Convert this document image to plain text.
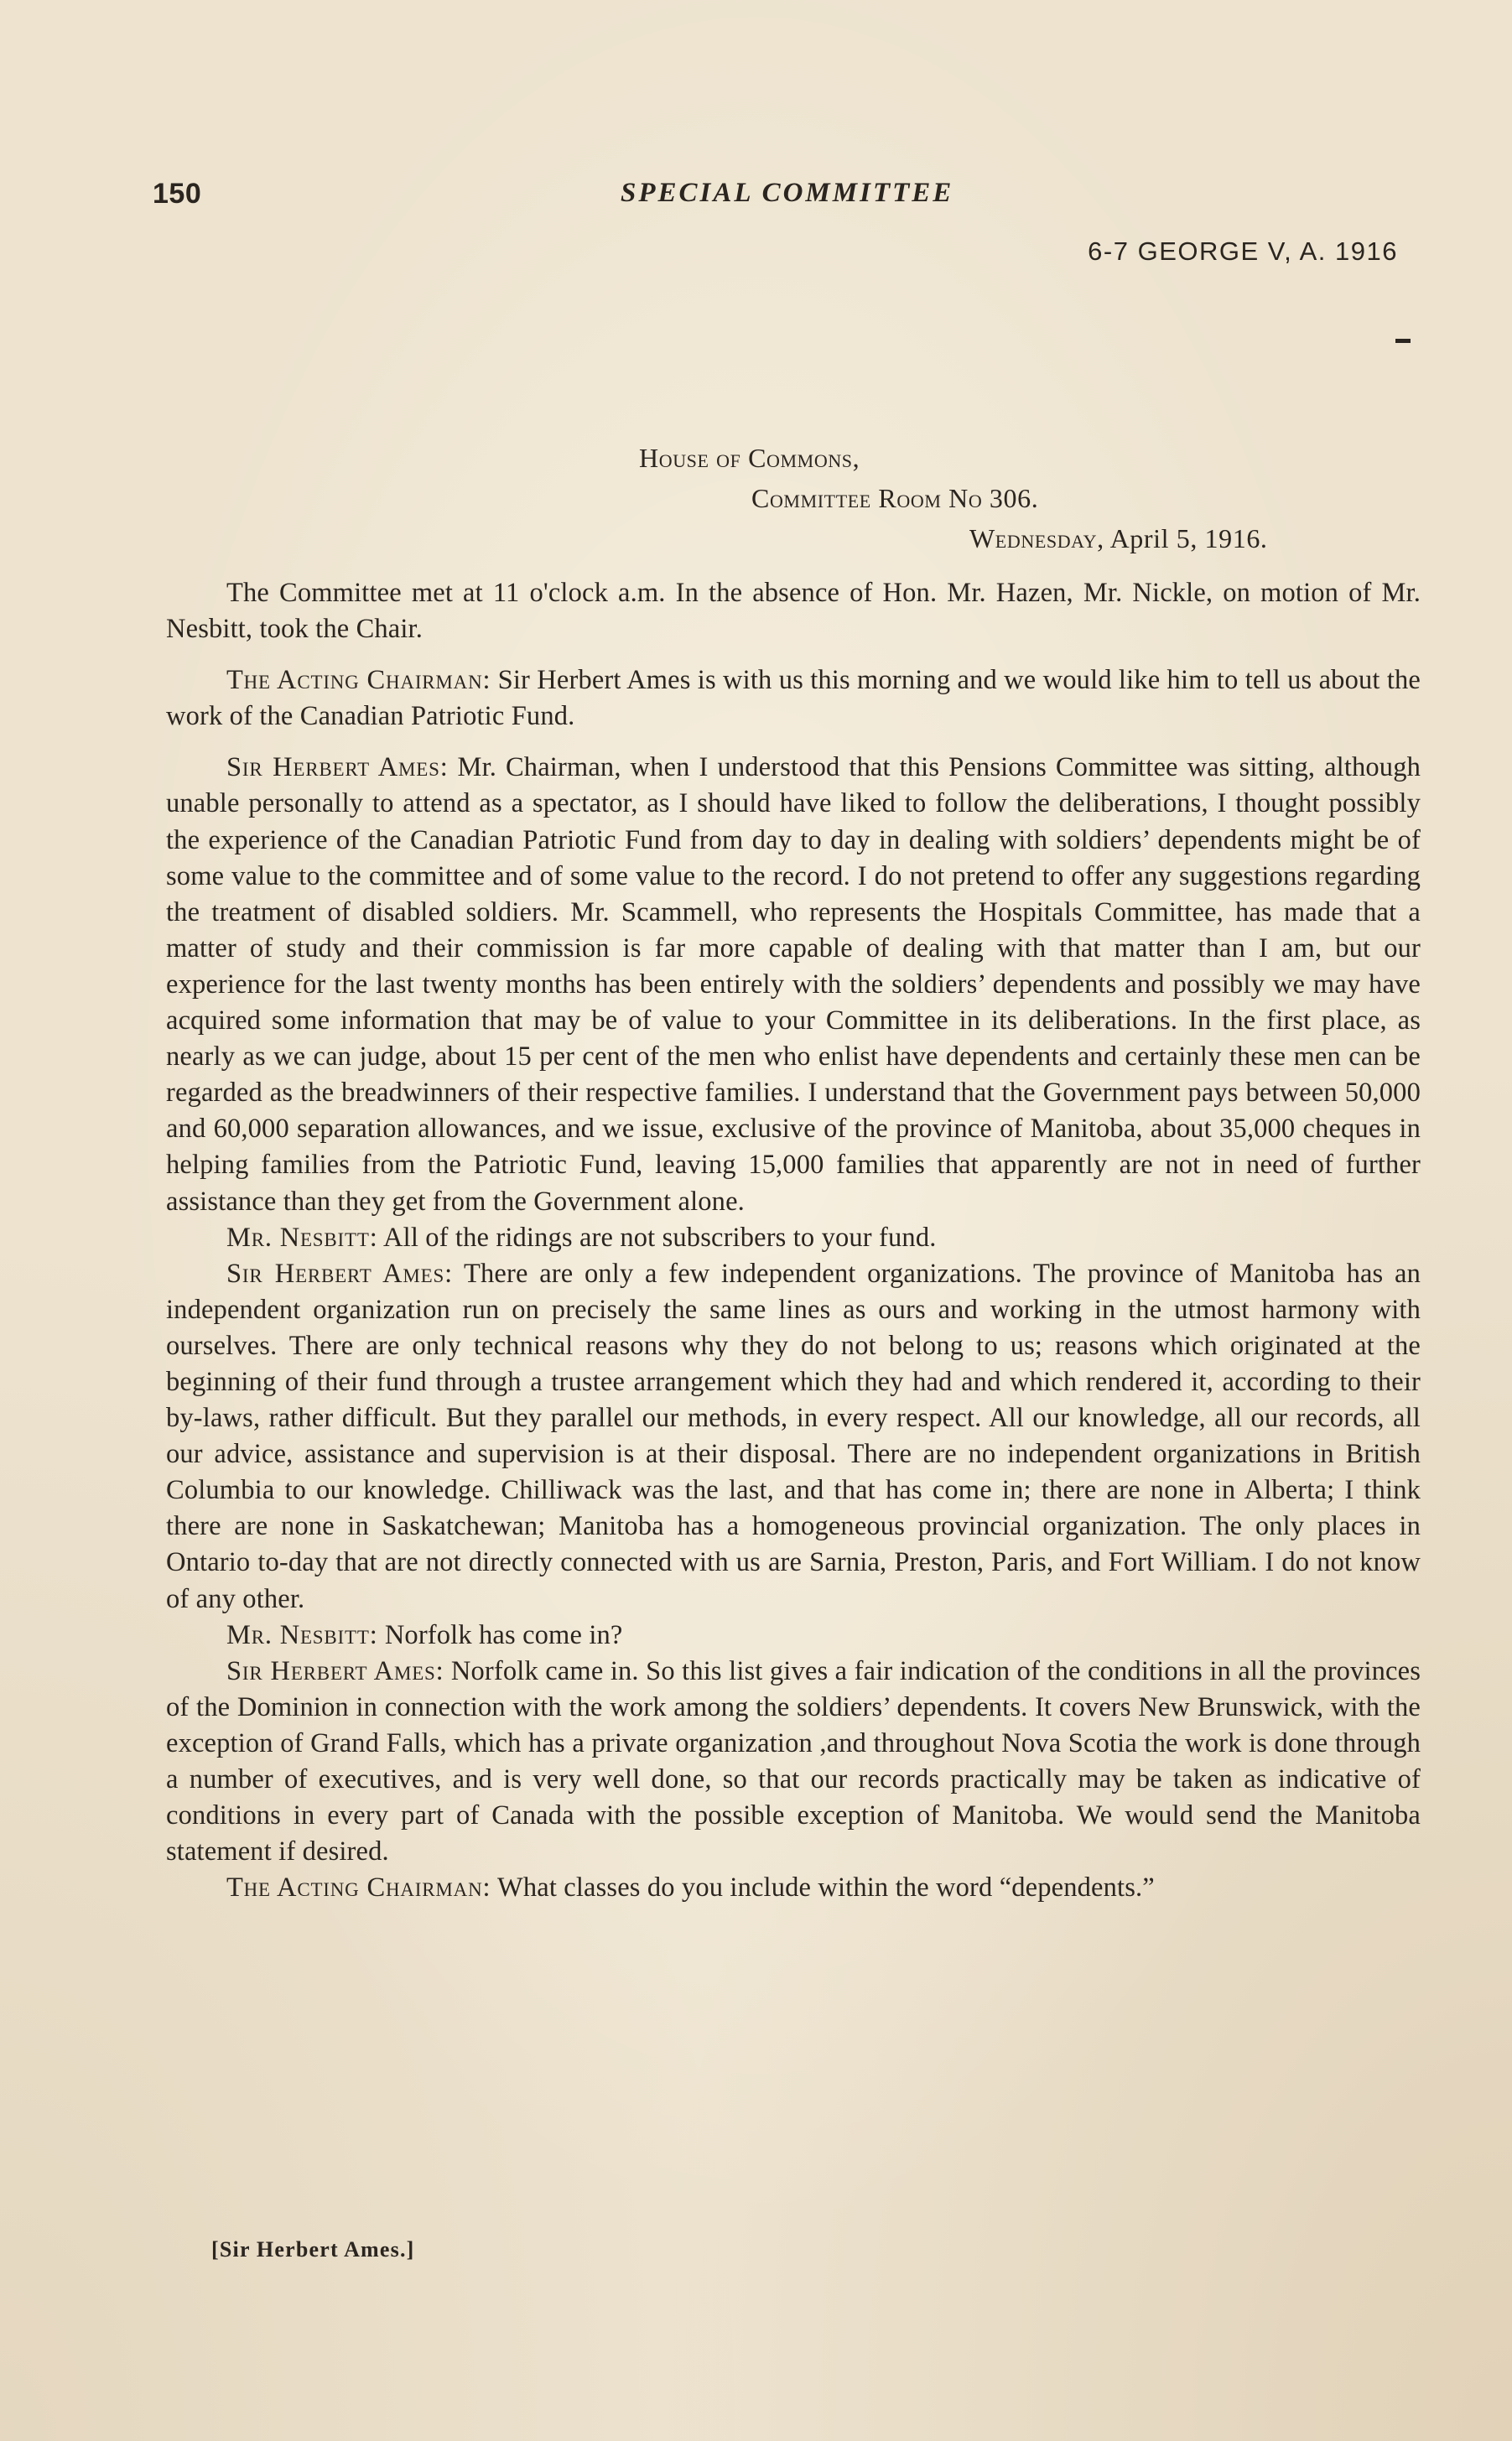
150	SPECIAL COMMITTEE
6-7 GEORGE V, A. 1916
House of Commons,
Committee Room No 306.
Wednesday, April 5, 1916.

The Committee met at 11 o'clock a.m. In the absence of Hon. Mr. Hazen, Mr. Nickle, on motion of Mr. Nesbitt, took the Chair.

The Acting Chairman: Sir Herbert Ames is with us this morning and we would like him to tell us about the work of the Canadian Patriotic Fund.

Sir Herbert Ames: Mr. Chairman, when I understood that this Pensions Committee was sitting, although unable personally to attend as a spectator, as I should have liked to follow the deliberations, I thought possibly the experience of the Canadian Patriotic Fund from day to day in dealing with soldiers’ dependents might be of some value to the committee and of some value to the record. I do not pretend to offer any suggestions regarding the treatment of disabled soldiers. Mr. Scammell, who represents the Hospitals Committee, has made that a matter of study and their commission is far more capable of dealing with that matter than I am, but our experience for the last twenty months has been entirely with the soldiers’ dependents and possibly we may have acquired some information that may be of value to your Committee in its deliberations. In the first place, as nearly as we can judge, about 15 per cent of the men who enlist have dependents and certainly these men can be regarded as the breadwinners of their respective families. I understand that the Government pays between 50,000 and 60,000 separation allowances, and we issue, exclusive of the province of Manitoba, about 35,000 cheques in helping families from the Patriotic Fund, leaving 15,000 families that apparently are not in need of further assistance than they get from the Government alone.

Mr. Nesbitt: All of the ridings are not subscribers to your fund.

Sir Herbert Ames: There are only a few independent organizations. The province of Manitoba has an independent organization run on precisely the same lines as ours and working in the utmost harmony with ourselves. There are only technical reasons why they do not belong to us; reasons which originated at the beginning of their fund through a trustee arrangement which they had and which rendered it, according to their by-laws, rather difficult. But they parallel our methods, in every respect. All our knowledge, all our records, all our advice, assistance and supervision is at their disposal. There are no independent organizations in British Columbia to our knowledge. Chilliwack was the last, and that has come in; there are none in Alberta; I think there are none in Saskatchewan; Manitoba has a homogeneous provincial organization. The only places in Ontario to-day that are not directly connected with us are Sarnia, Preston, Paris, and Fort William. I do not know of any other.

Mr. Nesbitt: Norfolk has come in?

Sir Herbert Ames: Norfolk came in. So this list gives a fair indication of the conditions in all the provinces of the Dominion in connection with the work among the soldiers’ dependents. It covers New Brunswick, with the exception of Grand Falls, which has a private organization ,and throughout Nova Scotia the work is done through a number of executives, and is very well done, so that our records practically may be taken as indicative of conditions in every part of Canada with the possible exception of Manitoba. We would send the Manitoba statement if desired.

The Acting Chairman: What classes do you include within the word “dependents.”

[Sir Herbert Ames.]
